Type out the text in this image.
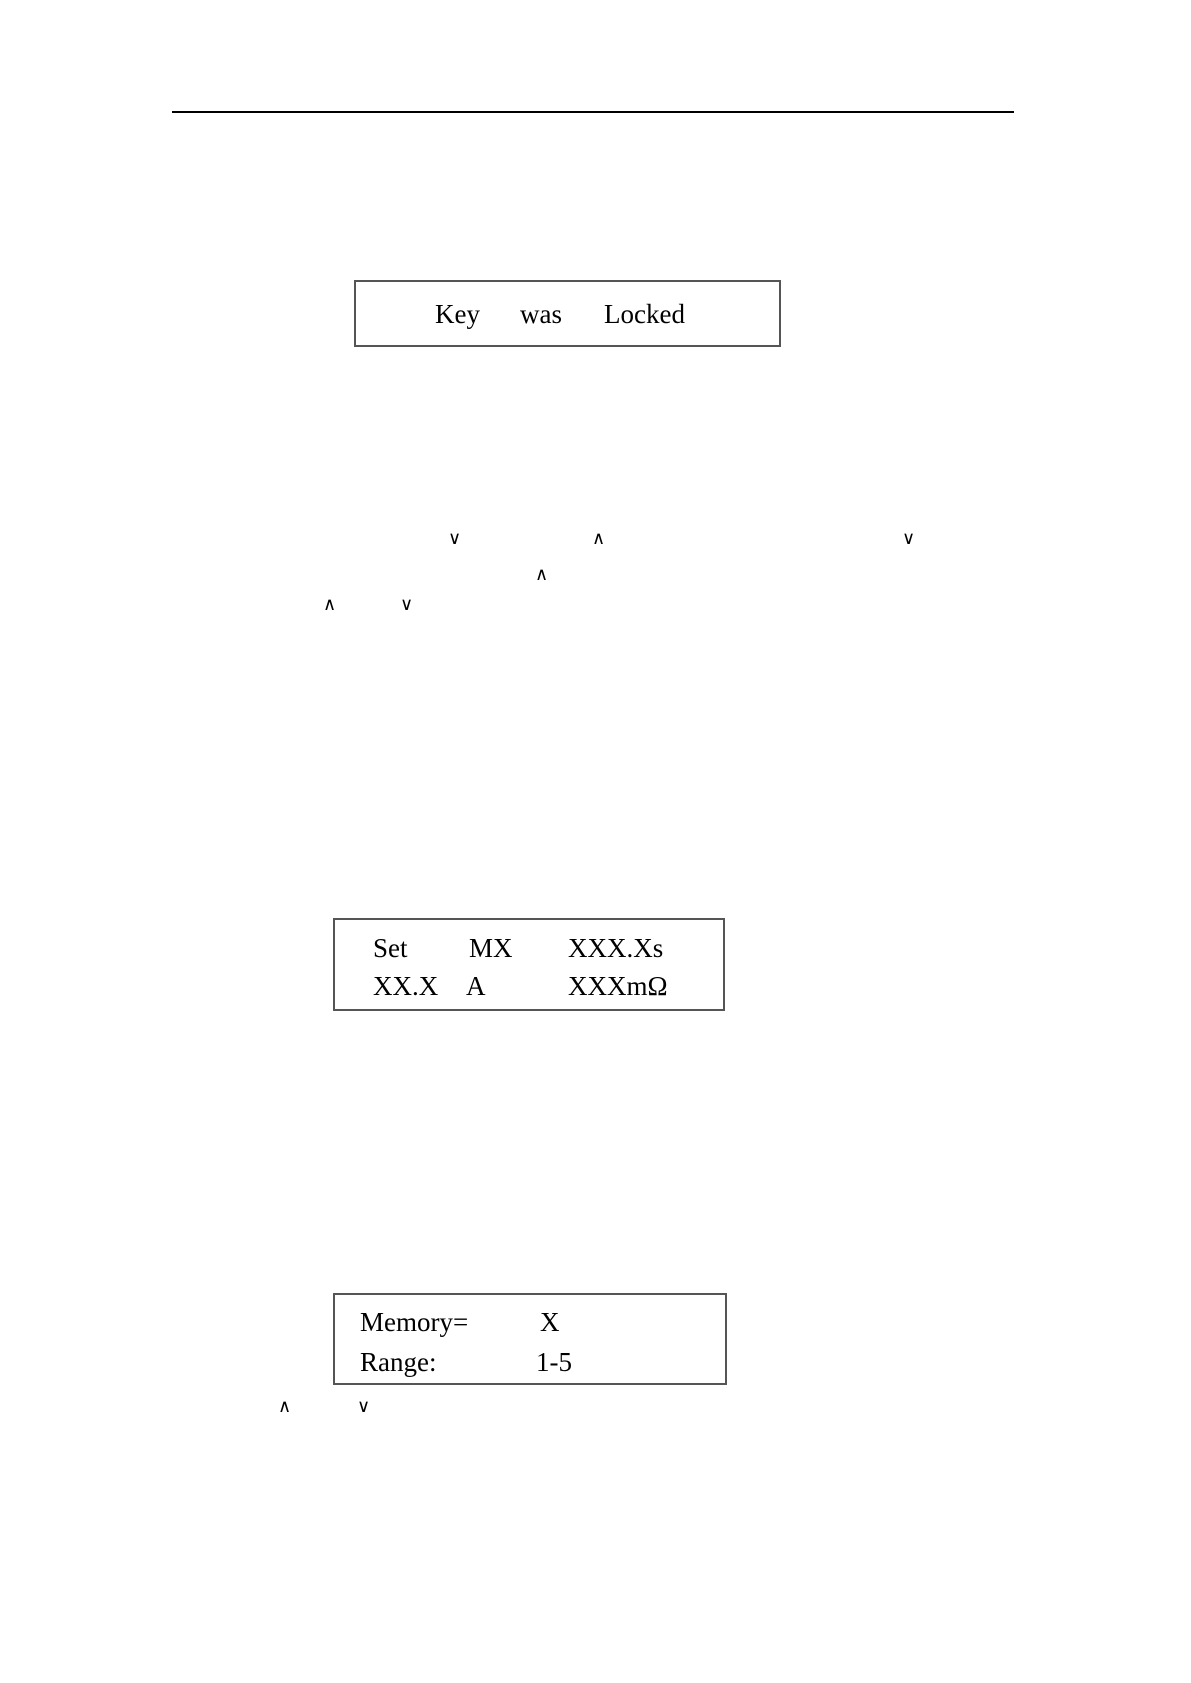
Key was Locked
∨	∧	∨
∧
∧	∨
Set MX XXX.Xs
XX.X A	XXXmΩ
Memory=	X
Range:	1-5
∧	∨
